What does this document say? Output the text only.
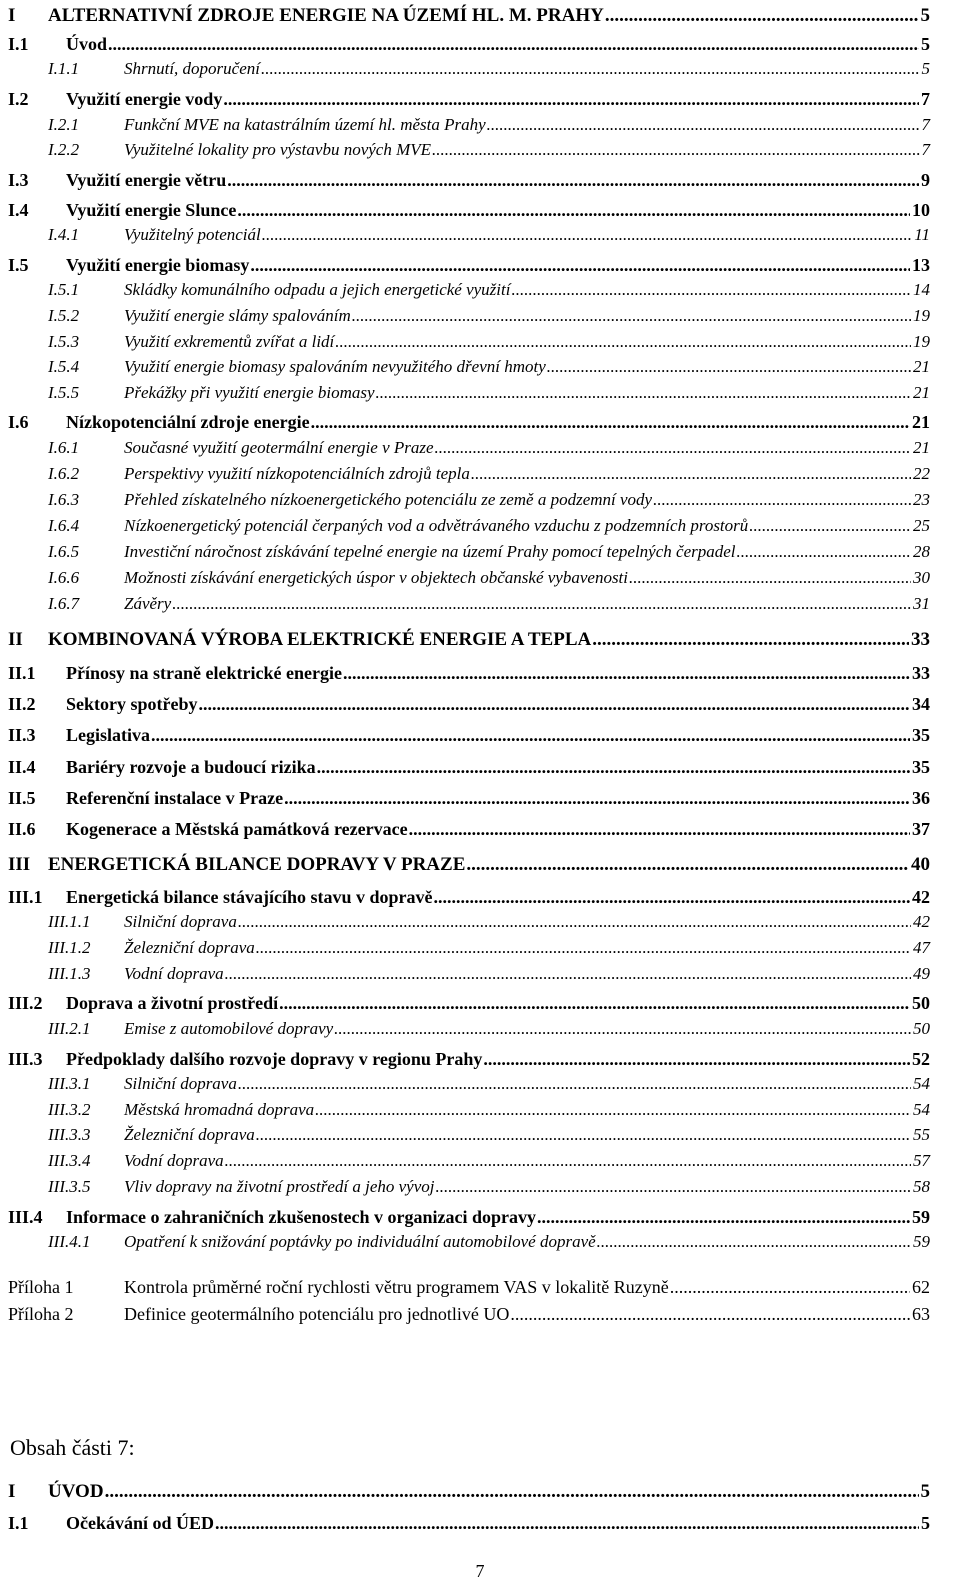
I ALTERNATIVNÍ ZDROJE ENERGIE NA ÚZEMÍ HL. M. PRAHY .....	5
I.1 Úvod .....	5
I.1.1	Shrnutí, doporučení .....	5
I.2 Využití energie vody .....	7
I.2.1	Funkční MVE na katastrálním území hl. města Prahy .....	7
I.2.2	Využitelné lokality pro výstavbu nových MVE .....	7
I.3 Využití energie větru .....	9
I.4 Využití energie Slunce .....	10
I.4.1	Využitelný potenciál .....	11
I.5 Využití energie biomasy .....	13
I.5.1	Skládky komunálního odpadu a jejich energetické využití .....	14
I.5.2	Využití energie slámy spalováním .....	19
I.5.3	Využití exkrementů zvířat a lidí .....	19
I.5.4	Využití energie biomasy spalováním nevyužitého dřevní hmoty .....	21
I.5.5	Překážky při využití energie biomasy .....	21
I.6 Nízkopotenciální zdroje energie .....	21
I.6.1	Současné využití geotermální energie v Praze .....	21
I.6.2	Perspektivy využití nízkopotenciálních zdrojů tepla .....	22
I.6.3	Přehled získatelného nízkoenergetického potenciálu ze země a podzemní vody .....	23
I.6.4	Nízkoenergetický potenciál čerpaných vod a odvětrávaného vzduchu z podzemních prostorů .....	25
I.6.5	Investiční náročnost získávání tepelné energie na území Prahy pomocí tepelných čerpadel .....	28
I.6.6	Možnosti získávání energetických úspor v objektech občanské vybavenosti .....	30
I.6.7	Závěry .....	31
II KOMBINOVANÁ VÝROBA ELEKTRICKÉ ENERGIE A TEPLA .....	33
II.1 Přínosy na straně elektrické energie .....	33
II.2 Sektory spotřeby .....	34
II.3 Legislativa .....	35
II.4 Bariéry rozvoje a budoucí rizika .....	35
II.5 Referenční instalace v Praze .....	36
II.6 Kogenerace a Městská památková rezervace .....	37
III ENERGETICKÁ BILANCE DOPRAVY V PRAZE .....	40
III.1 Energetická bilance stávajícího stavu v dopravě .....	42
III.1.1 Silniční doprava .....	42
III.1.2 Železniční doprava .....	47
III.1.3 Vodní doprava .....	49
III.2 Doprava a životní prostředí .....	50
III.2.1 Emise z automobilové dopravy .....	50
III.3 Předpoklady dalšího rozvoje dopravy v regionu Prahy .....	52
III.3.1 Silniční doprava .....	54
III.3.2 Městská hromadná doprava .....	54
III.3.3 Železniční doprava .....	55
III.3.4 Vodní doprava .....	57
III.3.5 Vliv dopravy na životní prostředí a jeho vývoj .....	58
III.4 Informace o zahraničních zkušenostech v organizaci dopravy .....	59
III.4.1 Opatření k snižování poptávky po individuální automobilové dopravě .....	59
Příloha 1	Kontrola průměrné roční rychlosti větru programem VAS v lokalitě Ruzyně .....	62
Příloha 2	Definice geotermálního potenciálu pro jednotlivé UO .....	63
Obsah části 7:
I ÚVOD .....	5
I.1 Očekávání od ÚED .....	5
7
